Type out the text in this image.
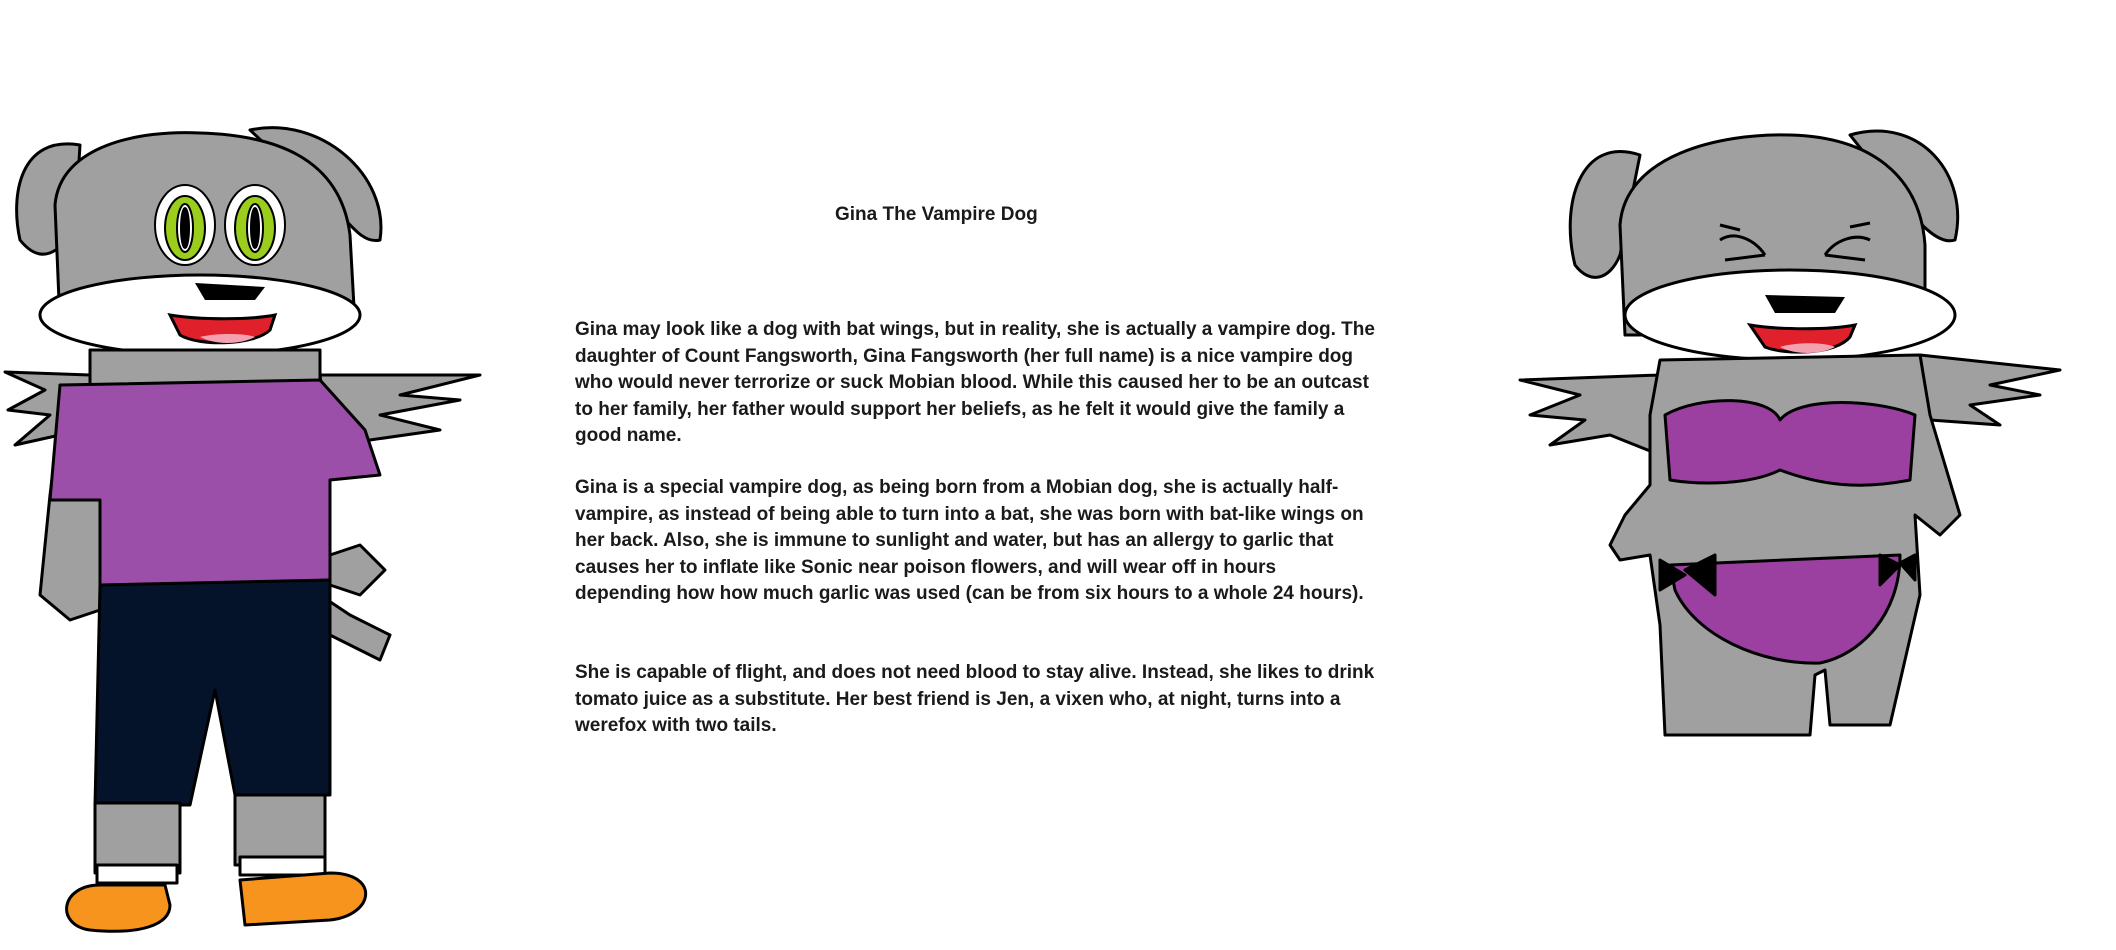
Gina The Vampire Dog

Gina may look like a dog with bat wings, but in reality, she is actually a vampire dog. The daughter of Count Fangsworth, Gina Fangsworth (her full name) is a nice vampire dog who would never terrorize or suck Mobian blood. While this caused her to be an outcast to her family, her father would support her beliefs, as he felt it would give the family a good name.

Gina is a special vampire dog, as being born from a Mobian dog, she is actually half-vampire, as instead of being able to turn into a bat, she was born with bat-like wings on her back. Also, she is immune to sunlight and water, but has an allergy to garlic that causes her to inflate like Sonic near poison flowers, and will wear off in hours depending how how much garlic was used (can be from six hours to a whole 24 hours).

She is capable of flight, and does not need blood to stay alive. Instead, she likes to drink tomato juice as a substitute. Her best friend is Jen, a vixen who, at night, turns into a werefox with two tails.
